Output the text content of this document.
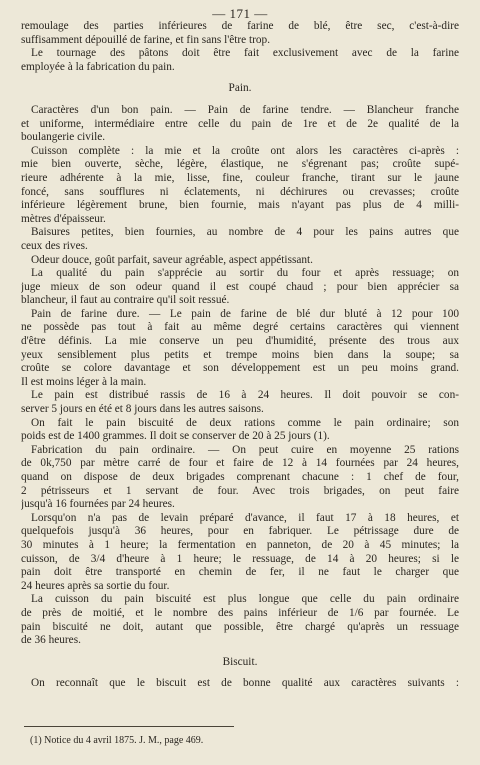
— 171 —
remoulage des parties inférieures de farine de blé, être sec, c'est-à-dire
suffisamment dépouillé de farine, et fin sans l'être trop.
Le tournage des pâtons doit être fait exclusivement avec de la farine
employée à la fabrication du pain.
Pain.
Caractères d'un bon pain. — Pain de farine tendre. — Blancheur franche
et uniforme, intermédiaire entre celle du pain de 1re et de 2e qualité de la
boulangerie civile.
Cuisson complète : la mie et la croûte ont alors les caractères ci-après :
mie bien ouverte, sèche, légère, élastique, ne s'égrenant pas; croûte supé-
rieure adhérente à la mie, lisse, fine, couleur franche, tirant sur le jaune
foncé, sans soufflures ni éclatements, ni déchirures ou crevasses; croûte
inférieure légèrement brune, bien fournie, mais n'ayant pas plus de 4 milli-
mètres d'épaisseur.
Baisures petites, bien fournies, au nombre de 4 pour les pains autres que
ceux des rives.
Odeur douce, goût parfait, saveur agréable, aspect appétissant.
La qualité du pain s'apprécie au sortir du four et après ressuage; on
juge mieux de son odeur quand il est coupé chaud ; pour bien apprécier sa
blancheur, il faut au contraire qu'il soit ressué.
Pain de farine dure. — Le pain de farine de blé dur bluté à 12 pour 100
ne possède pas tout à fait au même degré certains caractères qui viennent
d'être définis. La mie conserve un peu d'humidité, présente des trous aux
yeux sensiblement plus petits et trempe moins bien dans la soupe; sa
croûte se colore davantage et son développement est un peu moins grand.
Il est moins léger à la main.
Le pain est distribué rassis de 16 à 24 heures. Il doit pouvoir se con-
server 5 jours en été et 8 jours dans les autres saisons.
On fait le pain biscuité de deux rations comme le pain ordinaire; son
poids est de 1400 grammes. Il doit se conserver de 20 à 25 jours (1).
Fabrication du pain ordinaire. — On peut cuire en moyenne 25 rations
de 0k,750 par mètre carré de four et faire de 12 à 14 fournées par 24 heures,
quand on dispose de deux brigades comprenant chacune : 1 chef de four,
2 pétrisseurs et 1 servant de four. Avec trois brigades, on peut faire
jusqu'à 16 fournées par 24 heures.
Lorsqu'on n'a pas de levain préparé d'avance, il faut 17 à 18 heures, et
quelquefois jusqu'à 36 heures, pour en fabriquer. Le pétrissage dure de
30 minutes à 1 heure; la fermentation en panneton, de 20 à 45 minutes; la
cuisson, de 3/4 d'heure à 1 heure; le ressuage, de 14 à 20 heures; si le
pain doit être transporté en chemin de fer, il ne faut le charger que
24 heures après sa sortie du four.
La cuisson du pain biscuité est plus longue que celle du pain ordinaire
de près de moitié, et le nombre des pains inférieur de 1/6 par fournée. Le
pain biscuité ne doit, autant que possible, être chargé qu'après un ressuage
de 36 heures.
Biscuit.
On reconnaît que le biscuit est de bonne qualité aux caractères suivants :
(1) Notice du 4 avril 1875. J. M., page 469.
